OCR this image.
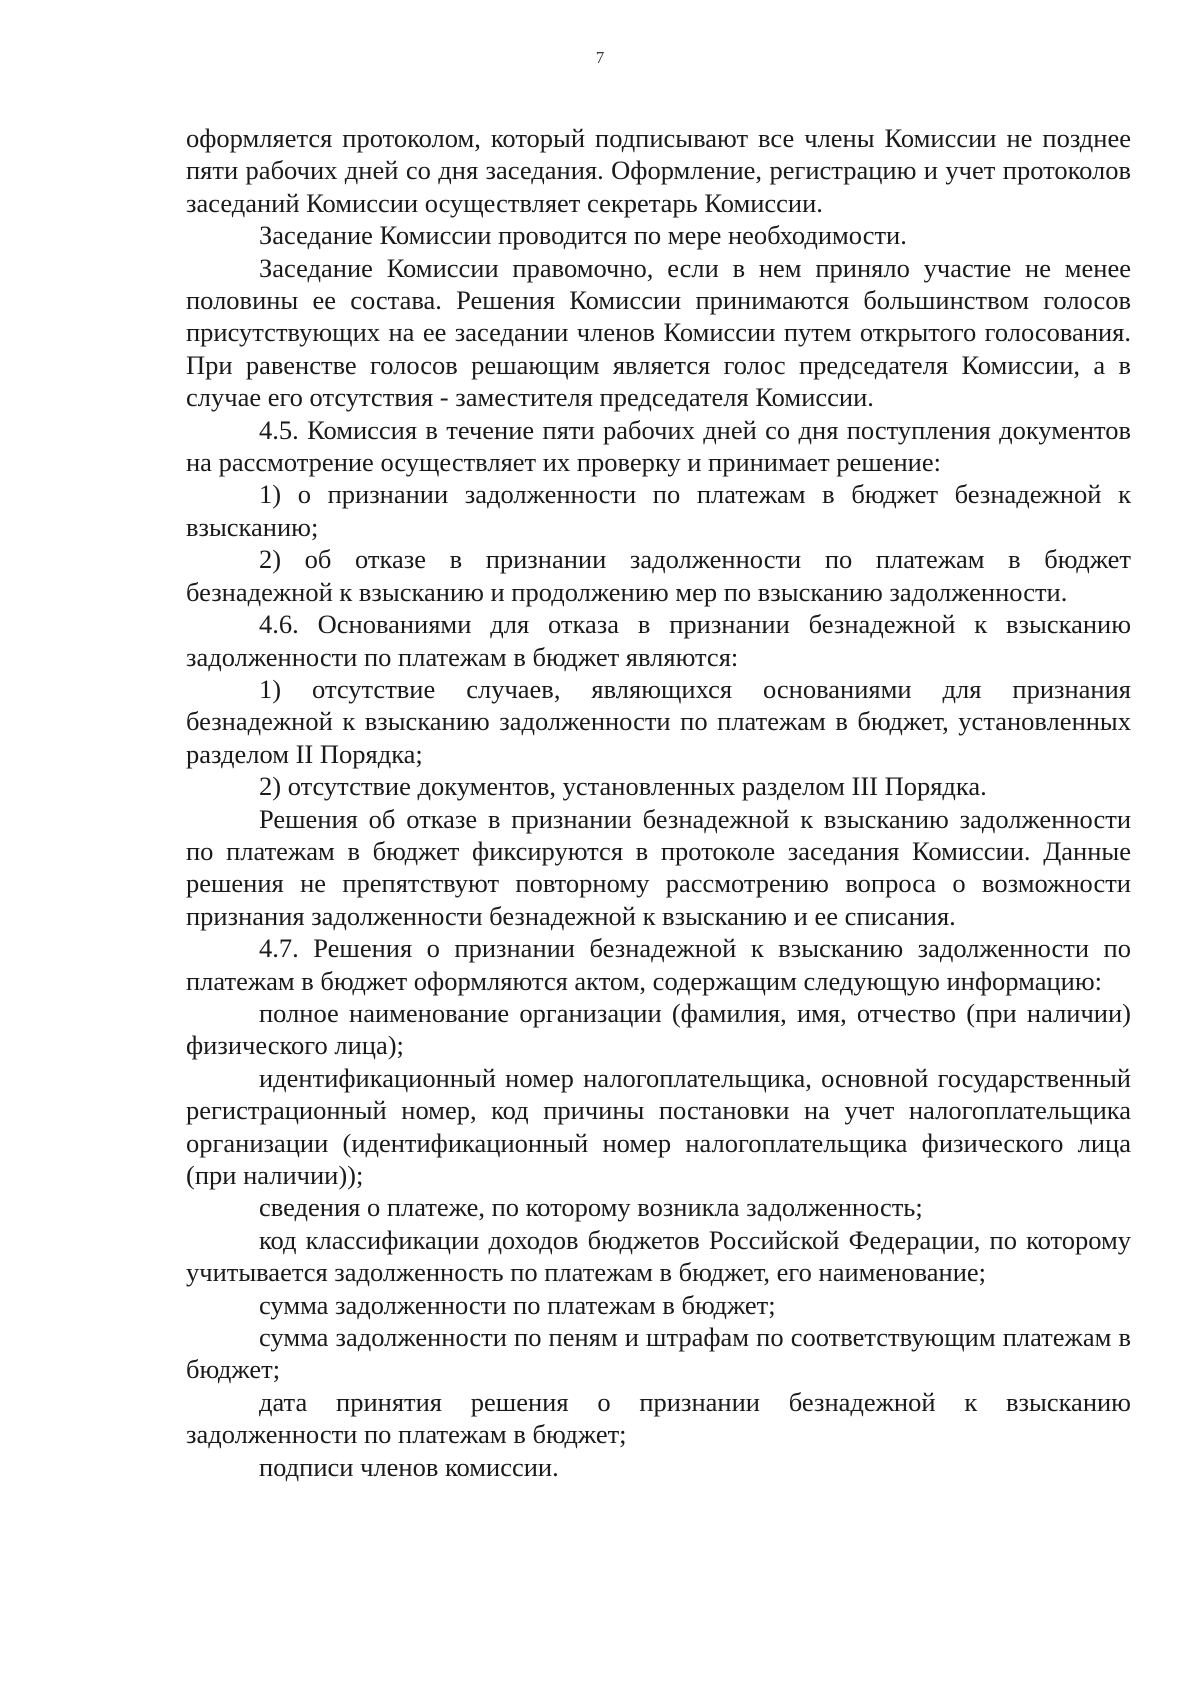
7

оформляется протоколом, который подписывают все члены Комиссии не позднее пяти рабочих дней со дня заседания. Оформление, регистрацию и учет протоколов заседаний Комиссии осуществляет секретарь Комиссии.

Заседание Комиссии проводится по мере необходимости.

Заседание Комиссии правомочно, если в нем приняло участие не менее половины ее состава. Решения Комиссии принимаются большинством голосов присутствующих на ее заседании членов Комиссии путем открытого голосования. При равенстве голосов решающим является голос председателя Комиссии, а в случае его отсутствия - заместителя председателя Комиссии.

4.5. Комиссия в течение пяти рабочих дней со дня поступления документов на рассмотрение осуществляет их проверку и принимает решение:

1) о признании задолженности по платежам в бюджет безнадежной к взысканию;

2) об отказе в признании задолженности по платежам в бюджет безнадежной к взысканию и продолжению мер по взысканию задолженности.

4.6. Основаниями для отказа в признании безнадежной к взысканию задолженности по платежам в бюджет являются:

1) отсутствие случаев, являющихся основаниями для признания безнадежной к взысканию задолженности по платежам в бюджет, установленных разделом II Порядка;

2) отсутствие документов, установленных разделом III Порядка.

Решения об отказе в признании безнадежной к взысканию задолженности по платежам в бюджет фиксируются в протоколе заседания Комиссии. Данные решения не препятствуют повторному рассмотрению вопроса о возможности признания задолженности безнадежной к взысканию и ее списания.

4.7. Решения о признании безнадежной к взысканию задолженности по платежам в бюджет оформляются актом, содержащим следующую информацию:

полное наименование организации (фамилия, имя, отчество (при наличии) физического лица);

идентификационный номер налогоплательщика, основной государственный регистрационный номер, код причины постановки на учет налогоплательщика организации (идентификационный номер налогоплательщика физического лица (при наличии));

сведения о платеже, по которому возникла задолженность;

код классификации доходов бюджетов Российской Федерации, по которому учитывается задолженность по платежам в бюджет, его наименование;

сумма задолженности по платежам в бюджет;

сумма задолженности по пеням и штрафам по соответствующим платежам в бюджет;

дата принятия решения о признании безнадежной к взысканию задолженности по платежам в бюджет;

подписи членов комиссии.
